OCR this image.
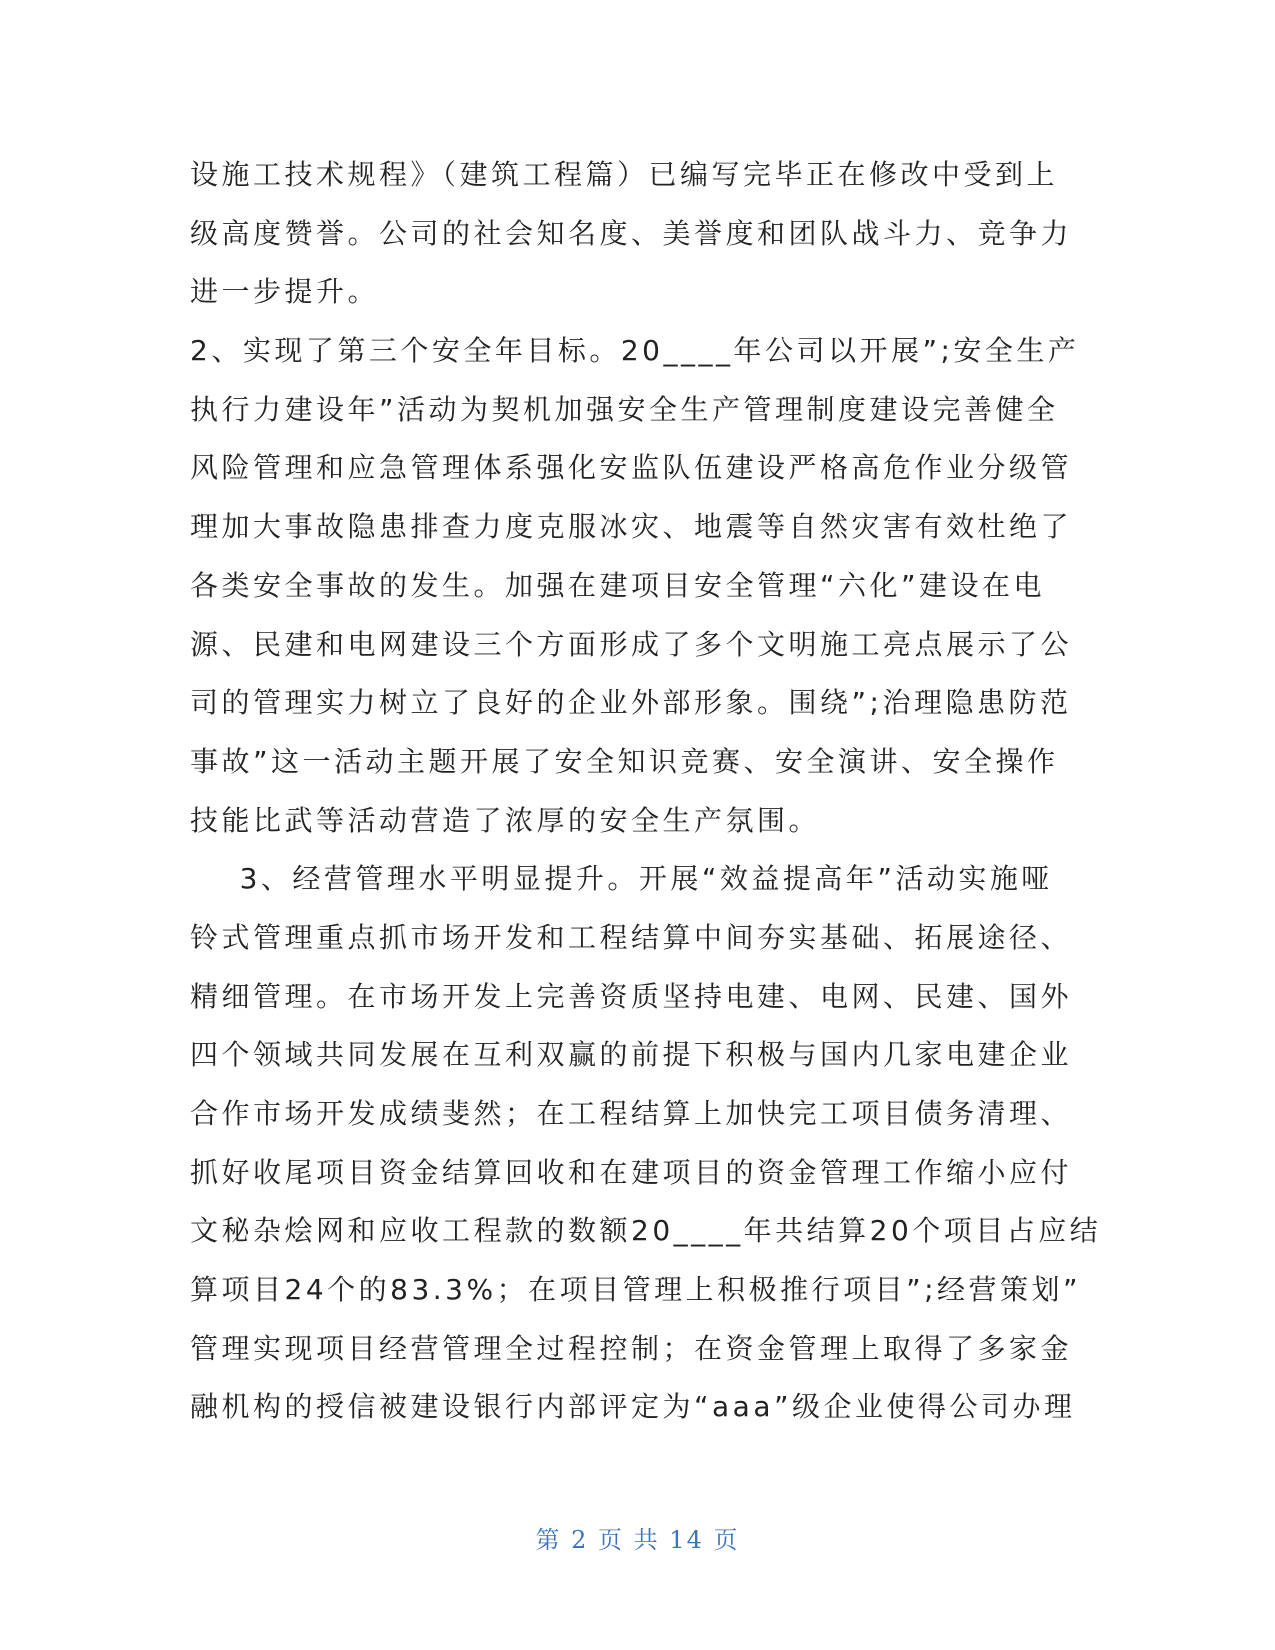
设施工技术规程》（建筑工程篇）已编写完毕正在修改中受到上
级高度赞誉。公司的社会知名度、美誉度和团队战斗力、竞争力
进一步提升。
2、实现了第三个安全年目标。20____年公司以开展”;安全生产
执行力建设年”活动为契机加强安全生产管理制度建设完善健全
风险管理和应急管理体系强化安监队伍建设严格高危作业分级管
理加大事故隐患排查力度克服冰灾、地震等自然灾害有效杜绝了
各类安全事故的发生。加强在建项目安全管理“六化”建设在电
源、民建和电网建设三个方面形成了多个文明施工亮点展示了公
司的管理实力树立了良好的企业外部形象。围绕”;治理隐患防范
事故”这一活动主题开展了安全知识竞赛、安全演讲、安全操作
技能比武等活动营造了浓厚的安全生产氛围。
3、经营管理水平明显提升。开展“效益提高年”活动实施哑
铃式管理重点抓市场开发和工程结算中间夯实基础、拓展途径、
精细管理。在市场开发上完善资质坚持电建、电网、民建、国外
四个领域共同发展在互利双赢的前提下积极与国内几家电建企业
合作市场开发成绩斐然；在工程结算上加快完工项目债务清理、
抓好收尾项目资金结算回收和在建项目的资金管理工作缩小应付
文秘杂烩网和应收工程款的数额20____年共结算20个项目占应结
算项目24个的83.3%；在项目管理上积极推行项目”;经营策划”
管理实现项目经营管理全过程控制；在资金管理上取得了多家金
融机构的授信被建设银行内部评定为“aaa”级企业使得公司办理
第 2 页 共 14 页
